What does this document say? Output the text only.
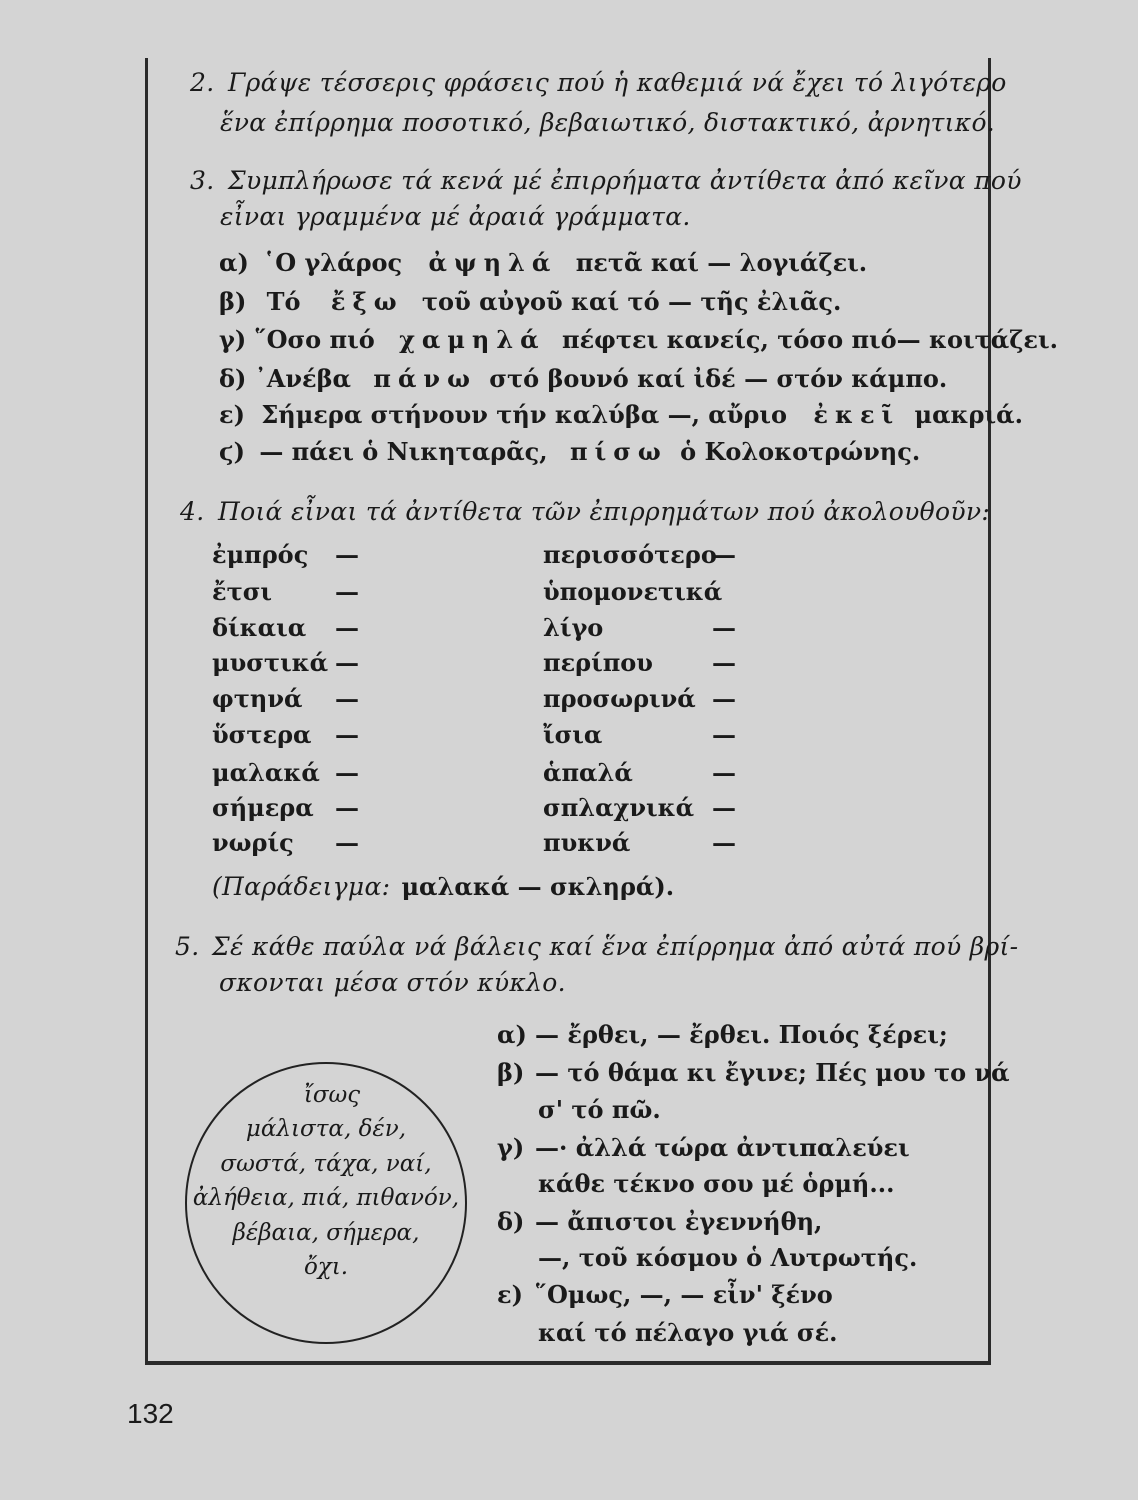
2. Γράψε τέσσερις φράσεις πού ἡ καθεμιά νά ἔχει τό λιγότερο
ἕνα ἐπίρρημα ποσοτικό, βεβαιωτικό, διστακτικό, ἀρνητικό.
3. Συμπλήρωσε τά κενά μέ ἐπιρρήματα ἀντίθετα ἀπό κεῖνα πού
εἶναι γραμμένα μέ ἀραιά γράμματα.
α) ῾Ο γλάρος ἀψηλά πετᾶ καί — λογιάζει.
β) Τό ἔξω τοῦ αὐγοῦ καί τό — τῆς ἐλιᾶς.
γ) ῞Οσο πιό χαμηλά πέφτει κανείς, τόσο πιό— κοιτάζει.
δ) ᾿Ανέβα πάνω στό βουνό καί ἰδέ — στόν κάμπο.
ε) Σήμερα στήνουν τήν καλύβα —, αὔριο ἐκεῖ μακριά.
ϛ) — πάει ὁ Νικηταρᾶς, πίσω ὁ Κολοκοτρώνης.
4. Ποιά εἶναι τά ἀντίθετα τῶν ἐπιρρημάτων πού ἀκολουθοῦν:
ἐμπρός
ἔτσι
δίκαια
μυστικά
φτηνά
ὕστερα
μαλακά
σήμερα
νωρίς
—
—
—
—
—
—
—
—
—
περισσότερο
ὑπομονετικά
λίγο
περίπου
προσωρινά
ἴσια
ἁπαλά
σπλαχνικά
πυκνά
—
—
—
—
—
—
—
—
(Παράδειγμα: μαλακά — σκληρά).
5. Σέ κάθε παύλα νά βάλεις καί ἕνα ἐπίρρημα ἀπό αὐτά πού βρί-
σκονται μέσα στόν κύκλο.
ἴσως
μάλιστα, δέν,
σωστά, τάχα, ναί,
ἀλήθεια, πιά, πιθανόν,
βέβαια, σήμερα,
ὄχι.
α) — ἔρθει, — ἔρθει. Ποιός ξέρει;
β) — τό θάμα κι ἔγινε; Πές μου το νά
σ' τό πῶ.
γ) —· ἀλλά τώρα ἀντιπαλεύει
κάθε τέκνο σου μέ ὁρμή...
δ) — ἄπιστοι ἐγεννήθη,
—, τοῦ κόσμου ὁ Λυτρωτής.
ε) ῞Ομως, —, — εἶν' ξένο
καί τό πέλαγο γιά σέ.
132
